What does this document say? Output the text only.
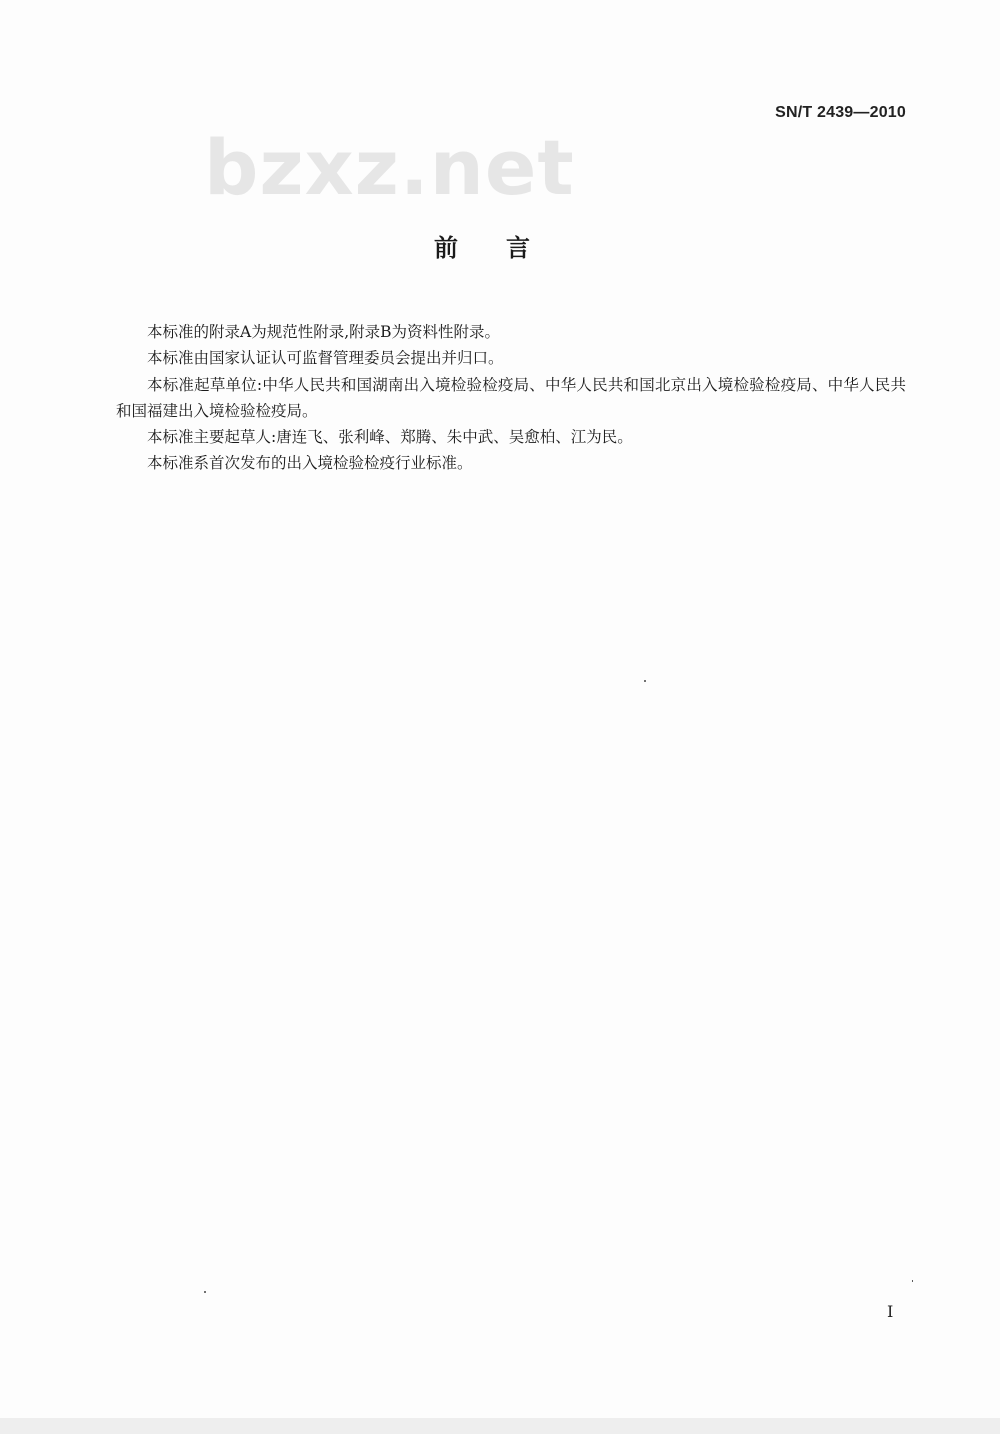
SN/T 2439—2010
bzxz.net
前言

本标准的附录A为规范性附录,附录B为资料性附录。

本标准由国家认证认可监督管理委员会提出并归口。

本标准起草单位:中华人民共和国湖南出入境检验检疫局、中华人民共和国北京出入境检验检疫局、中华人民共和国福建出入境检验检疫局。

本标准主要起草人:唐连飞、张利峰、郑腾、朱中武、吴愈柏、江为民。

本标准系首次发布的出入境检验检疫行业标准。

I
